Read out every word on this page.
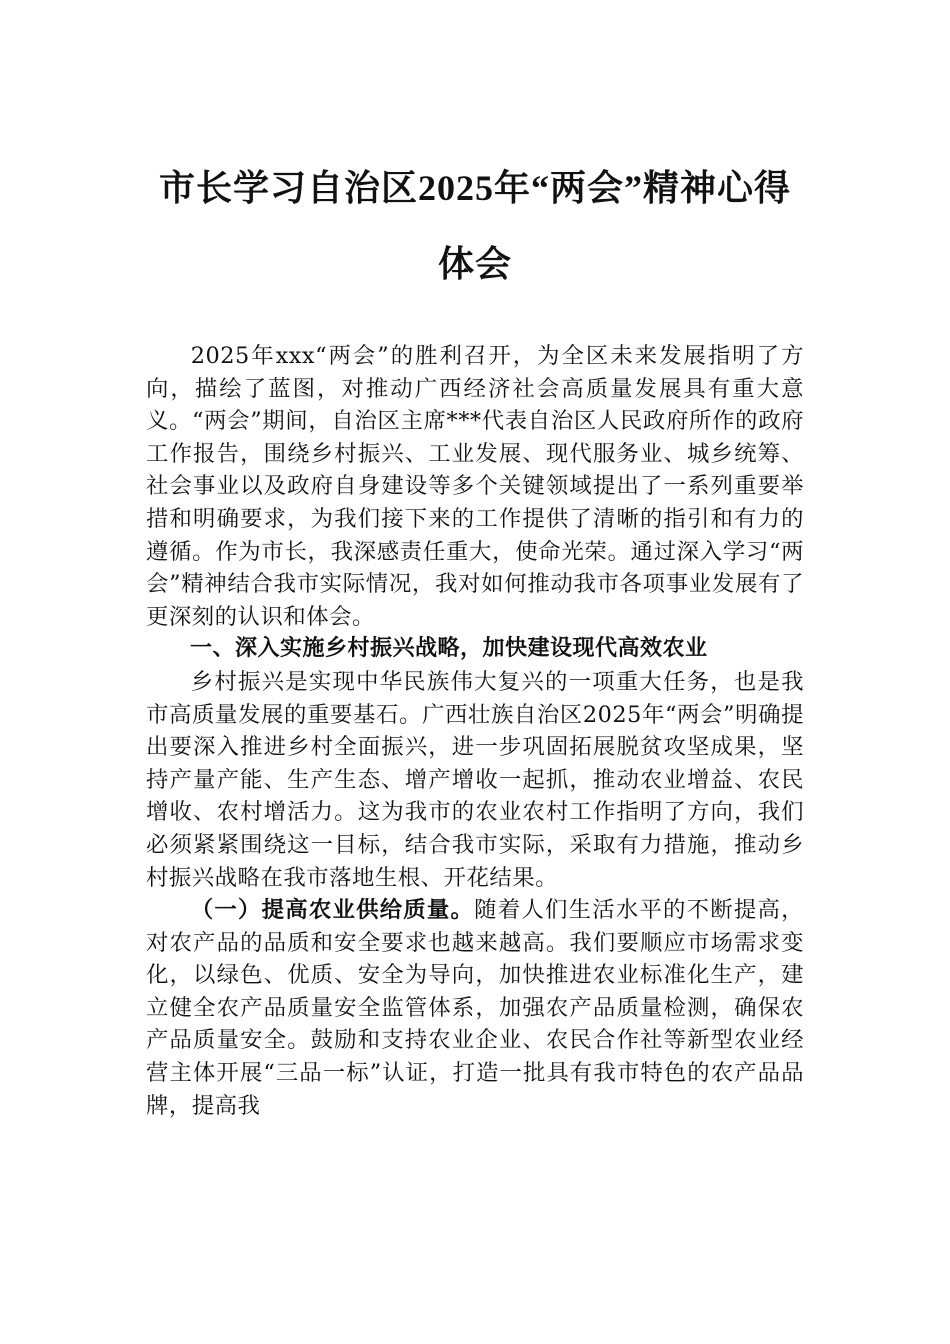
市长学习自治区2025年“两会”精神心得体会

2025年xxx“两会”的胜利召开，为全区未来发展指明了方向，描绘了蓝图，对推动广西经济社会高质量发展具有重大意义。“两会”期间，自治区主席***代表自治区人民政府所作的政府工作报告，围绕乡村振兴、工业发展、现代服务业、城乡统筹、社会事业以及政府自身建设等多个关键领域提出了一系列重要举措和明确要求，为我们接下来的工作提供了清晰的指引和有力的遵循。作为市长，我深感责任重大，使命光荣。通过深入学习“两会”精神结合我市实际情况，我对如何推动我市各项事业发展有了更深刻的认识和体会。

一、深入实施乡村振兴战略，加快建设现代高效农业

乡村振兴是实现中华民族伟大复兴的一项重大任务，也是我市高质量发展的重要基石。广西壮族自治区2025年“两会”明确提出要深入推进乡村全面振兴，进一步巩固拓展脱贫攻坚成果，坚持产量产能、生产生态、增产增收一起抓，推动农业增益、农民增收、农村增活力。这为我市的农业农村工作指明了方向，我们必须紧紧围绕这一目标，结合我市实际，采取有力措施，推动乡村振兴战略在我市落地生根、开花结果。

（一）提高农业供给质量。随着人们生活水平的不断提高，对农产品的品质和安全要求也越来越高。我们要顺应市场需求变化，以绿色、优质、安全为导向，加快推进农业标准化生产，建立健全农产品质量安全监管体系，加强农产品质量检测，确保农产品质量安全。鼓励和支持农业企业、农民合作社等新型农业经营主体开展“三品一标”认证，打造一批具有我市特色的农产品品牌，提高我
